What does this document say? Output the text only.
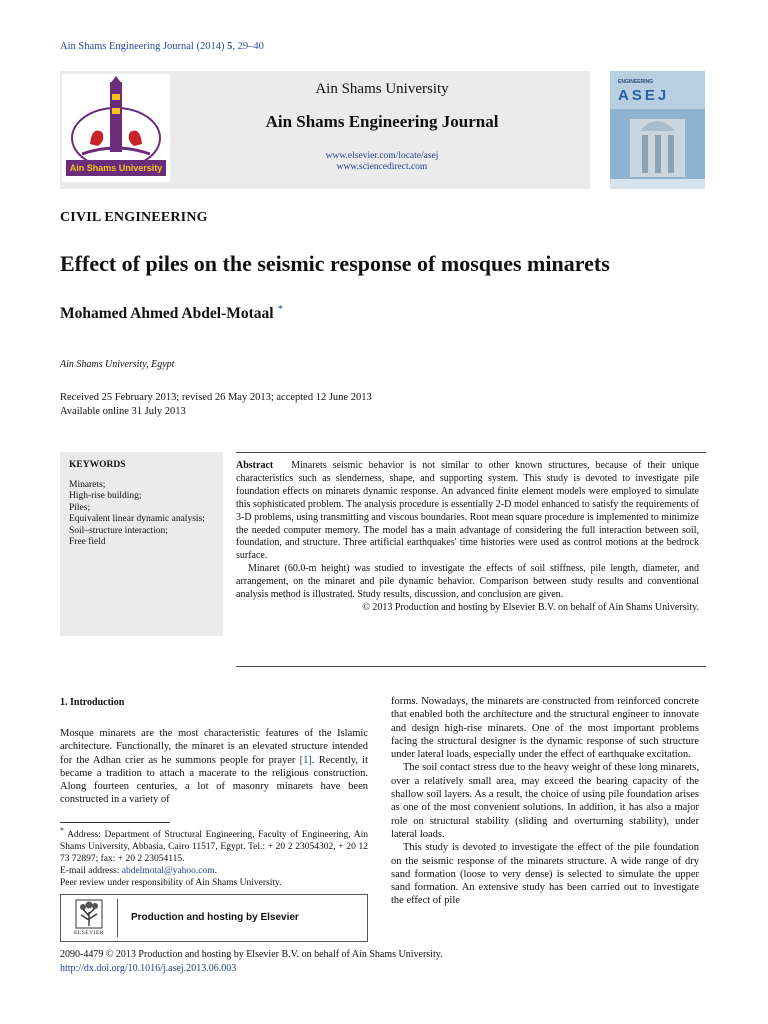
Ain Shams Engineering Journal (2014) 5, 29–40
Ain Shams University
Ain Shams University
Ain Shams Engineering Journal
www.elsevier.com/locate/asej
www.sciencedirect.com
ENGINEERING
ASEJ
CIVIL ENGINEERING
Effect of piles on the seismic response of mosques minarets
Mohamed Ahmed Abdel-Motaal *
Ain Shams University, Egypt
Received 25 February 2013; revised 26 May 2013; accepted 12 June 2013
Available online 31 July 2013
KEYWORDS
Minarets;
High-rise building;
Piles;
Equivalent linear dynamic analysis;
Soil–structure interaction;
Free field

Abstract Minarets seismic behavior is not similar to other known structures, because of their unique characteristics such as slenderness, shape, and supporting system. This study is devoted to investigate pile foundation effects on minarets dynamic response. An advanced finite element models were employed to simulate this sophisticated problem. The analysis procedure is essentially 2-D model enhanced to satisfy the requirements of 3-D problems, using transmitting and viscous boundaries. Root mean square procedure is implemented to minimize the needed computer memory. The model has a main advantage of considering the full interaction between soil, foundation, and structure. Three artificial earthquakes' time histories were used as control motions at the bedrock surface.

Minaret (60.0-m height) was studied to investigate the effects of soil stiffness, pile length, diameter, and arrangement, on the minaret and pile dynamic behavior. Comparison between study results and conventional analysis method is illustrated. Study results, discussion, and conclusion are given.

© 2013 Production and hosting by Elsevier B.V. on behalf of Ain Shams University.

1. Introduction

Mosque minarets are the most characteristic features of the Islamic architecture. Functionally, the minaret is an elevated structure intended for the Adhan crier as he summons people for prayer [1]. Recently, it became a tradition to attach a macerate to the religious construction. Along fourteen centuries, a lot of masonry minarets have been constructed in a variety of

forms. Nowadays, the minarets are constructed from reinforced concrete that enabled both the architecture and the structural engineer to innovate and design high-rise minarets. One of the most important problems facing the structural designer is the dynamic response of such structure under lateral loads, especially under the effect of earthquake excitation.

The soil contact stress due to the heavy weight of these long minarets, over a relatively small area, may exceed the bearing capacity of the shallow soil layers. As a result, the choice of using pile foundation arises as one of the most convenient solutions. In addition, it has also a major role on structural stability (sliding and overturning stability), under lateral loads.

This study is devoted to investigate the effect of the pile foundation on the seismic response of the minarets structure. A wide range of dry sand formation (loose to very dense) is selected to simulate the upper sand formation. An extensive study has been carried out to investigate the effect of pile

* Address: Department of Structural Engineering, Faculty of Engineering, Ain Shams University, Abbasia, Cairo 11517, Egypt. Tel.: + 20 2 23054302, + 20 12 73 72897; fax: + 20 2 23054115.

E-mail address: abdelmotal@yahoo.com.

Peer review under responsibility of Ain Shams University.

ELSEVIER
Production and hosting by Elsevier
2090-4479 © 2013 Production and hosting by Elsevier B.V. on behalf of Ain Shams University.
http://dx.doi.org/10.1016/j.asej.2013.06.003
